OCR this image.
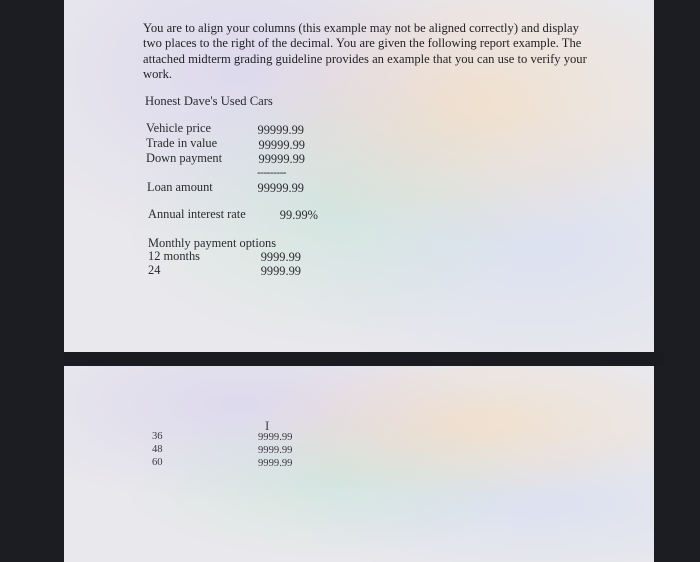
You are to align your columns (this example may not be aligned correctly) and display two places to the right of the decimal. You are given the following report example. The attached midterm grading guideline provides an example that you can use to verify your work.
Honest Dave's Used Cars
Vehicle price	99999.99
Trade in value	99999.99
Down payment	99999.99
---------
Loan amount	99999.99
Annual interest rate	99.99%
Monthly payment options
12 months	9999.99
24	9999.99
I
36	9999.99
48	9999.99
60	9999.99
